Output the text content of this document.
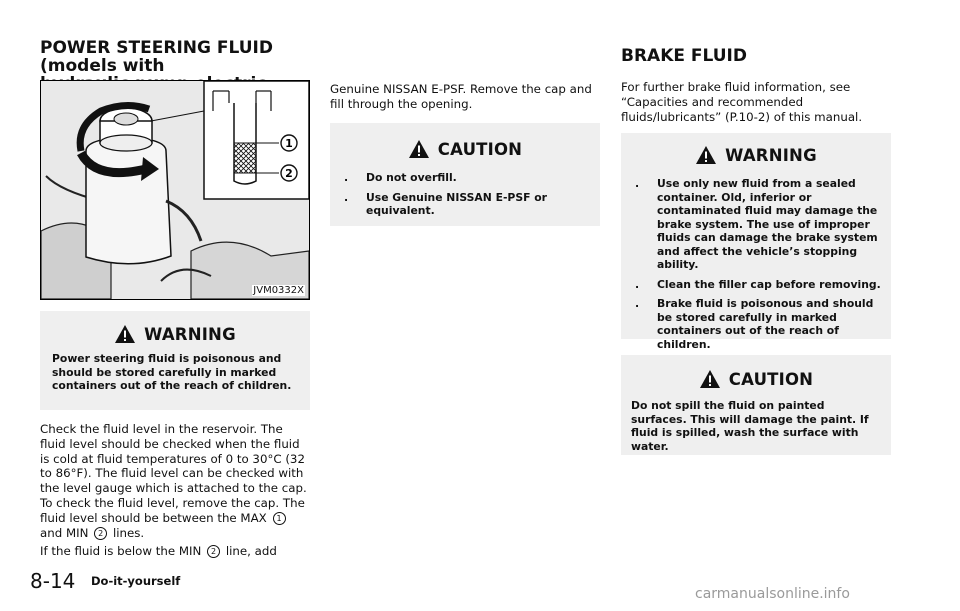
POWER STEERING FLUID (models with

1
2
JVM0332X
WARNING
Power steering fluid is poisonous and should be stored carefully in marked containers out of the reach of children.

Check the fluid level in the reservoir. The fluid level should be checked when the fluid is cold at fluid temperatures of 0 to 30°C (32 to 86°F). The fluid level can be checked with the level gauge which is attached to the cap. To check the fluid level, remove the cap. The fluid level should be between the MAX 1 and MIN 2 lines.

If the fluid is below the MIN 2 line, add

Genuine NISSAN E-PSF. Remove the cap and fill through the opening.

CAUTION
. Do not overfill.
. Use Genuine NISSAN E-PSF or equivalent.

BRAKE FLUID

For further brake fluid information, see “Capacities and recommended fluids/lubricants” (P.10-2) of this manual.

WARNING
. Use only new fluid from a sealed container. Old, inferior or contaminated fluid may damage the brake system. The use of improper fluids can damage the brake system and affect the vehicle’s stopping ability.
. Clean the filler cap before removing.
. Brake fluid is poisonous and should be stored carefully in marked containers out of the reach of children.
CAUTION
Do not spill the fluid on painted surfaces. This will damage the paint. If fluid is spilled, wash the surface with water.
8-14 Do-it-yourself
carmanualsonline.info
